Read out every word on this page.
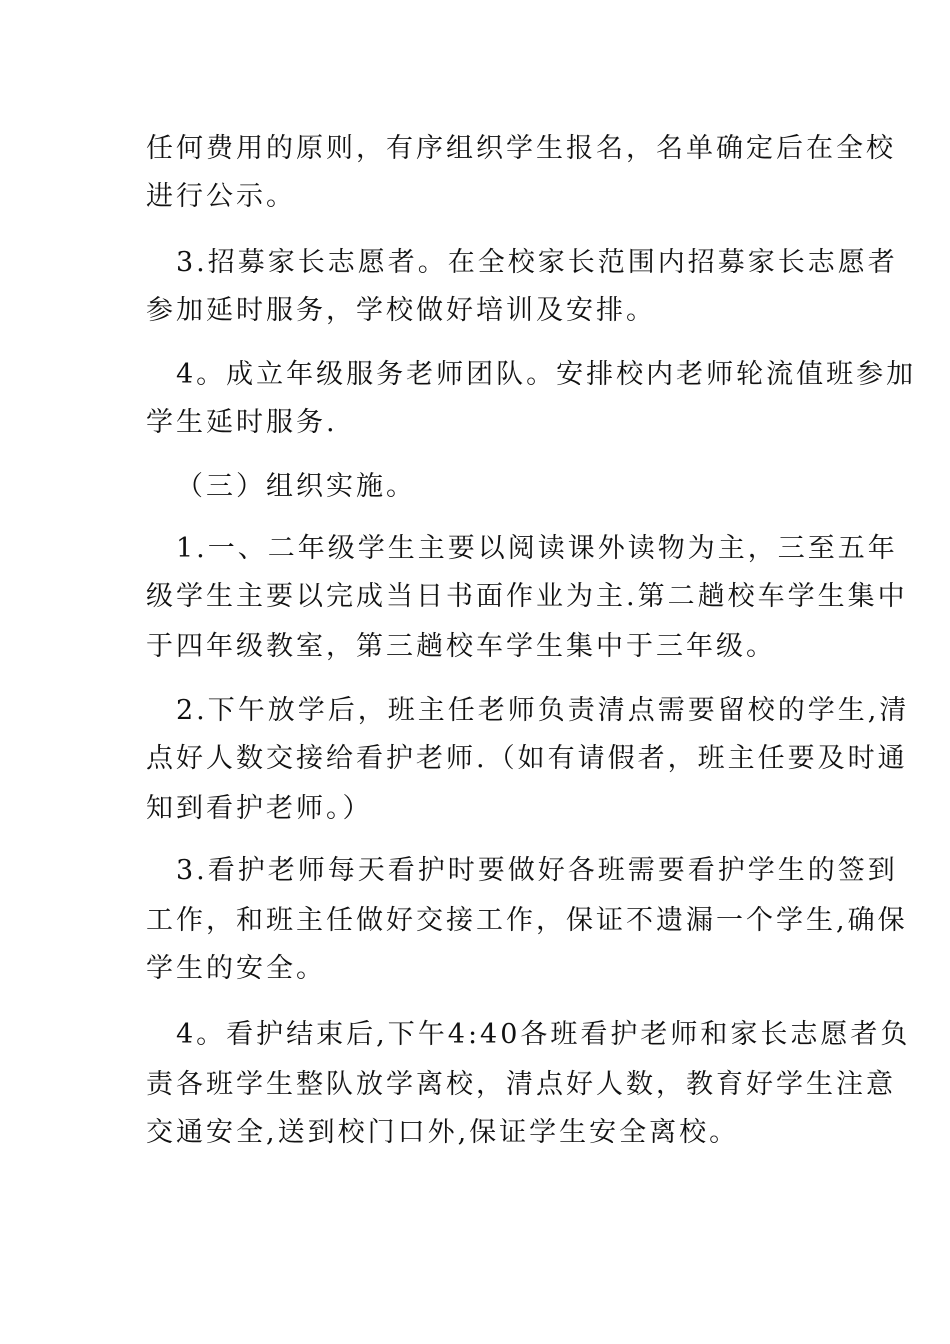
任何费用的原则，有序组织学生报名，名单确定后在全校
进行公示。
3.招募家长志愿者。在全校家长范围内招募家长志愿者
参加延时服务，学校做好培训及安排。
4。成立年级服务老师团队。安排校内老师轮流值班参加
学生延时服务.
（三）组织实施。
1.一、二年级学生主要以阅读课外读物为主，三至五年
级学生主要以完成当日书面作业为主.第二趟校车学生集中
于四年级教室，第三趟校车学生集中于三年级。
2.下午放学后，班主任老师负责清点需要留校的学生,清
点好人数交接给看护老师.（如有请假者，班主任要及时通
知到看护老师。）
3.看护老师每天看护时要做好各班需要看护学生的签到
工作，和班主任做好交接工作，保证不遗漏一个学生,确保
学生的安全。
4。看护结束后,下午4:40各班看护老师和家长志愿者负
责各班学生整队放学离校，清点好人数，教育好学生注意
交通安全,送到校门口外,保证学生安全离校。
